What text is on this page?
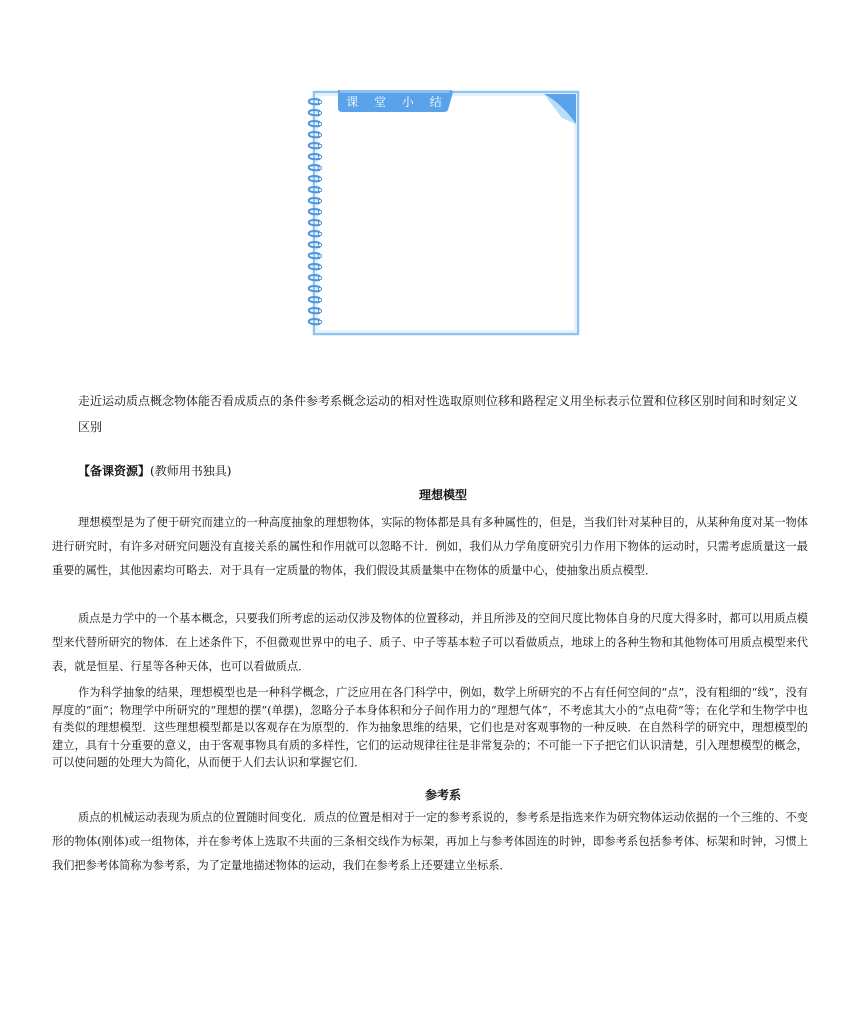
课 堂 小 结

走近运动质点概念物体能否看成质点的条件参考系概念运动的相对性选取原则位移和路程定义用坐标表示位置和位移区别时间和时刻定义区别

【备课资源】(教师用书独具)
理想模型

理想模型是为了便于研究而建立的一种高度抽象的理想物体，实际的物体都是具有多种属性的，但是，当我们针对某种目的，从某种角度对某一物体进行研究时，有许多对研究问题没有直接关系的属性和作用就可以忽略不计．例如，我们从力学角度研究引力作用下物体的运动时，只需考虑质量这一最重要的属性，其他因素均可略去．对于具有一定质量的物体，我们假设其质量集中在物体的质量中心，使抽象出质点模型．

质点是力学中的一个基本概念，只要我们所考虑的运动仅涉及物体的位置移动，并且所涉及的空间尺度比物体自身的尺度大得多时，都可以用质点模型来代替所研究的物体．在上述条件下，不但微观世界中的电子、质子、中子等基本粒子可以看做质点，地球上的各种生物和其他物体可用质点模型来代表，就是恒星、行星等各种天体，也可以看做质点．

作为科学抽象的结果，理想模型也是一种科学概念，广泛应用在各门科学中，例如，数学上所研究的不占有任何空间的“点”，没有粗细的“线”，没有厚度的“面”；物理学中所研究的“理想的摆”(单摆)，忽略分子本身体积和分子间作用力的“理想气体”，不考虑其大小的“点电荷”等；在化学和生物学中也有类似的理想模型．这些理想模型都是以客观存在为原型的．作为抽象思维的结果，它们也是对客观事物的一种反映．在自然科学的研究中，理想模型的建立，具有十分重要的意义，由于客观事物具有质的多样性，它们的运动规律往往是非常复杂的；不可能一下子把它们认识清楚，引入理想模型的概念，可以使问题的处理大为简化，从而便于人们去认识和掌握它们．

参考系

质点的机械运动表现为质点的位置随时间变化．质点的位置是相对于一定的参考系说的，参考系是指选来作为研究物体运动依据的一个三维的、不变形的物体(刚体)或一组物体，并在参考体上选取不共面的三条相交线作为标架，再加上与参考体固连的时钟，即参考系包括参考体、标架和时钟，习惯上我们把参考体简称为参考系，为了定量地描述物体的运动，我们在参考系上还要建立坐标系．
